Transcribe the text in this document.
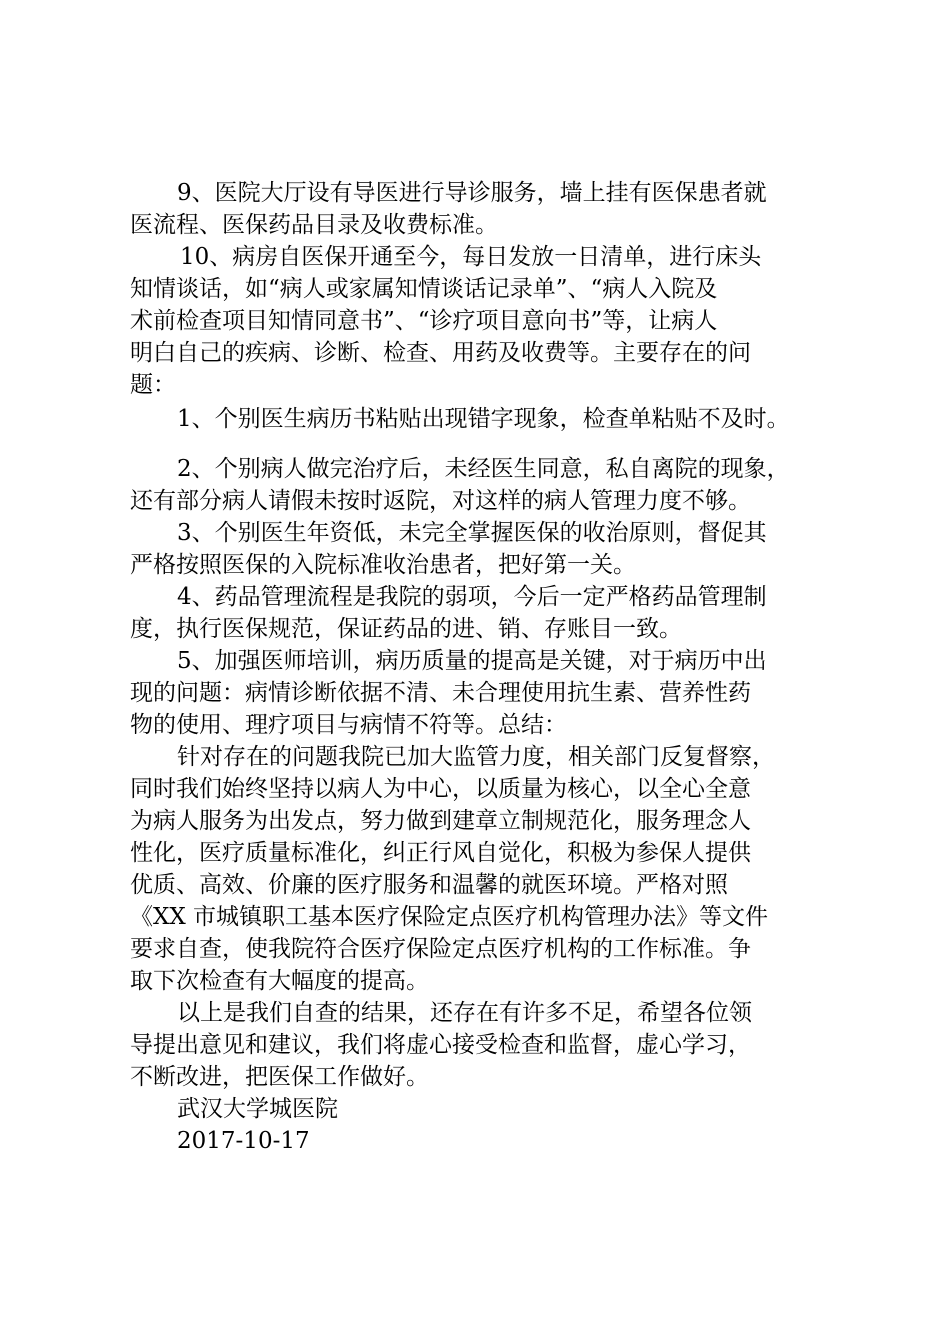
9、医院大厅设有导医进行导诊服务，墙上挂有医保患者就
医流程、医保药品目录及收费标准。
10、病房自医保开通至今，每日发放一日清单，进行床头
知情谈话，如“病人或家属知情谈话记录单”、“病人入院及
术前检查项目知情同意书”、“诊疗项目意向书”等，让病人
明白自己的疾病、诊断、检查、用药及收费等。主要存在的问
题：
1、个别医生病历书粘贴出现错字现象，检查单粘贴不及时。
2、个别病人做完治疗后，未经医生同意，私自离院的现象，
还有部分病人请假未按时返院，对这样的病人管理力度不够。
3、个别医生年资低，未完全掌握医保的收治原则，督促其
严格按照医保的入院标准收治患者，把好第一关。
4、药品管理流程是我院的弱项，今后一定严格药品管理制
度，执行医保规范，保证药品的进、销、存账目一致。
5、加强医师培训，病历质量的提高是关键，对于病历中出
现的问题：病情诊断依据不清、未合理使用抗生素、营养性药
物的使用、理疗项目与病情不符等。总结：
针对存在的问题我院已加大监管力度，相关部门反复督察，
同时我们始终坚持以病人为中心，以质量为核心，以全心全意
为病人服务为出发点，努力做到建章立制规范化，服务理念人
性化，医疗质量标准化，纠正行风自觉化，积极为参保人提供
优质、高效、价廉的医疗服务和温馨的就医环境。严格对照
《XX 市城镇职工基本医疗保险定点医疗机构管理办法》等文件
要求自查，使我院符合医疗保险定点医疗机构的工作标准。争
取下次检查有大幅度的提高。
以上是我们自查的结果，还存在有许多不足，希望各位领
导提出意见和建议，我们将虚心接受检查和监督，虚心学习，
不断改进，把医保工作做好。
武汉大学城医院
2017-10-17
